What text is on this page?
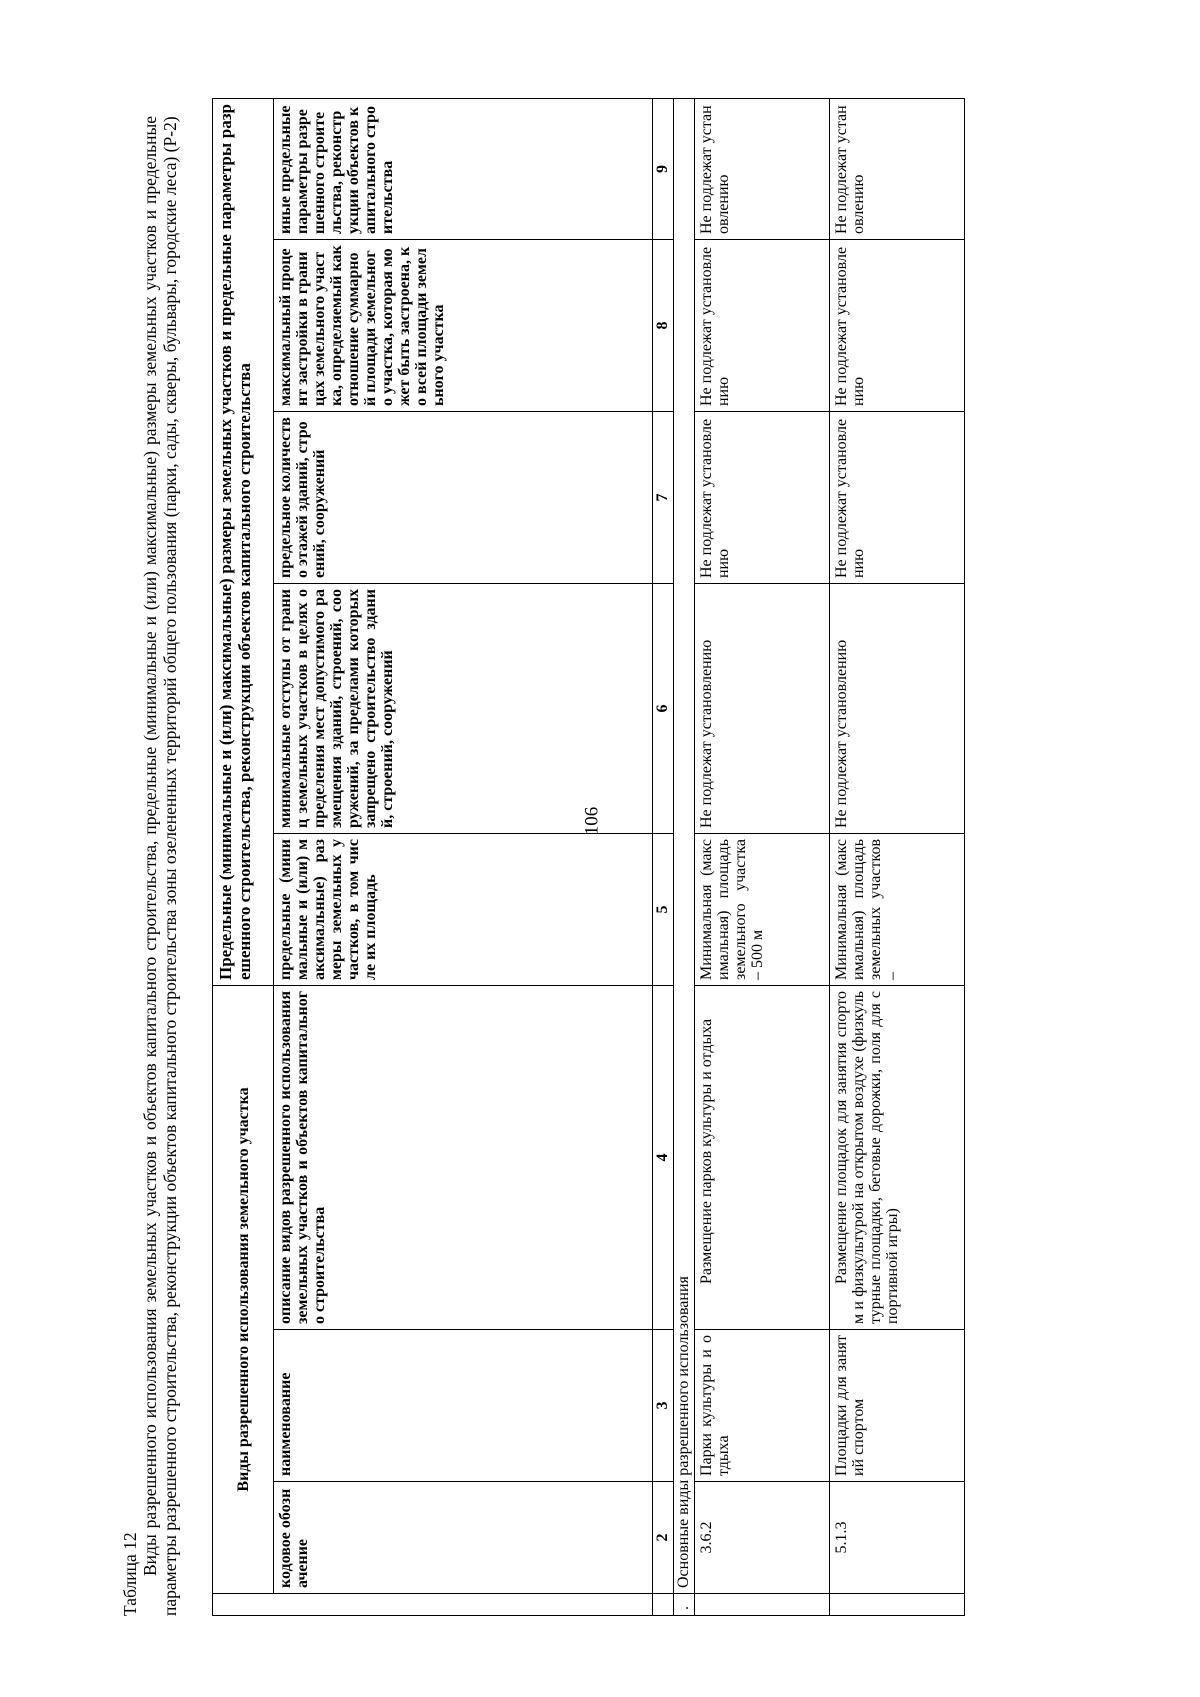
106
Таблица 12 Виды разрешенного использования земельных участков и объектов капитального строительства, предельные (минимальные и (или) максимальные) размеры земельных участков и предельные параметры разрешенного строительства, реконструкции объектов капитального строительства зоны озелененных территорий общего пользования (парки, сады, скверы, бульвары, городские леса) (Р-2)
		Виды разрешенного использования земельного участка			Предельные (минимальные и (или) максимальные) размеры земельных участков и предельные параметры разрешенного строительства, реконструкции объектов капитального строительства				
	кодовое обозначение	наименование	описание видов разрешенного использования земельных участков и объектов капитального строительства	предельные (минимальные и (или) максимальные) размеры земельных участков, в том числе их площадь	минимальные отступы от границ земельных участков в целях определения мест допустимого размещения зданий, строений, сооружений, за пределами которых запрещено строительство зданий, строений, сооружений	предельное количество этажей зданий, строений, сооружений	максимальный процент застройки в границах земельного участка, определяемый как отношение суммарной площади земельного участка, которая может быть застроена, ко всей площади земельного участка	иные предельные параметры разрешенного строительства, реконструкции объектов капитального строительства
	2	3	4	5	6	7	8	9
.	Основные виды разрешенного использования							
	3.6.2	Парки культуры и отдыха	Размещение парков культуры и отдыха	Минимальная (максимальная) площадь земельного участка – 500 м	Не подлежат установлению	Не подлежат установлению	Не подлежат установлению	Не подлежат установлению
	5.1.3	Площадки для занятий спортом	Размещение площадок для занятия спортом и физкультурой на открытом воздухе (физкультурные площадки, беговые дорожки, поля для спортивной игры)	Минимальная (максимальная) площадь земельных участков –	Не подлежат установлению	Не подлежат установлению	Не подлежат установлению	Не подлежат установлению
